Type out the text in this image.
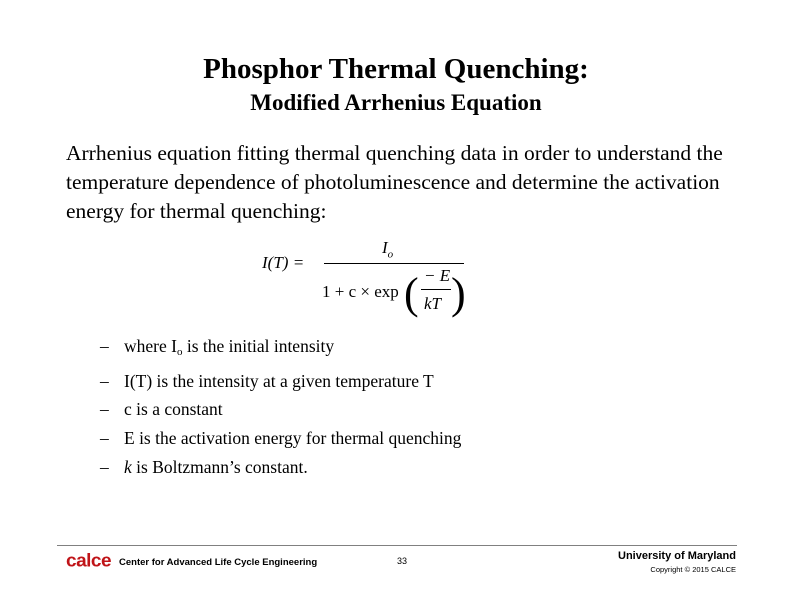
Phosphor Thermal Quenching:
Modified Arrhenius Equation
Arrhenius equation fitting thermal quenching data in order to understand the temperature dependence of photoluminescence and determine the activation energy for thermal quenching:
I(T) =
$I_o$
1 + c × exp ( − E
kT )
– where $I_o$ is the initial intensity
– I(T) is the intensity at a given temperature T
– c is a constant
– E is the activation energy for thermal quenching
– k is Boltzmann’s constant.
calce Center for Advanced Life Cycle Engineering	33	University of Maryland
Copyright © 2015 CALCE
